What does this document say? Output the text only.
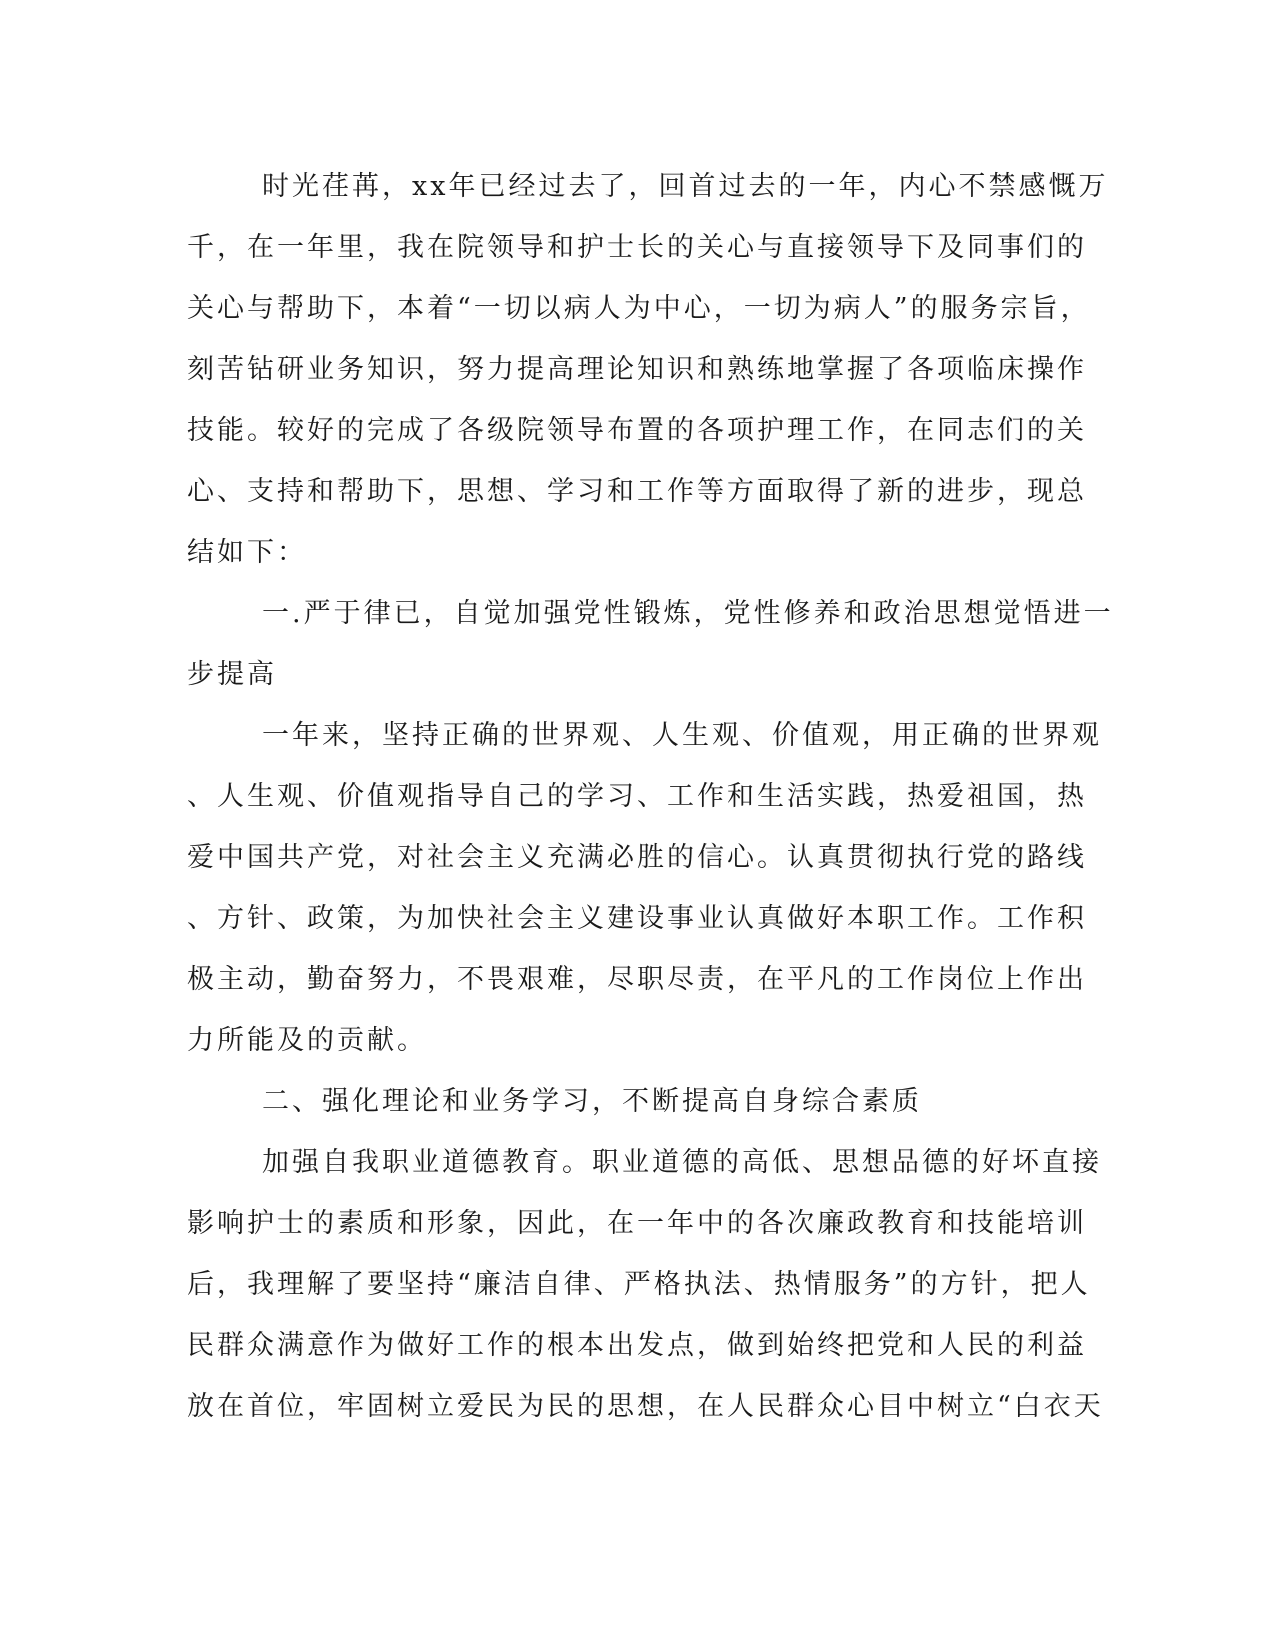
时光荏苒，xx年已经过去了，回首过去的一年，内心不禁感慨万
千，在一年里，我在院领导和护士长的关心与直接领导下及同事们的
关心与帮助下，本着“一切以病人为中心，一切为病人”的服务宗旨，
刻苦钻研业务知识，努力提高理论知识和熟练地掌握了各项临床操作
技能。较好的完成了各级院领导布置的各项护理工作，在同志们的关
心、支持和帮助下，思想、学习和工作等方面取得了新的进步，现总
结如下：
一.严于律已，自觉加强党性锻炼，党性修养和政治思想觉悟进一
步提高
一年来，坚持正确的世界观、人生观、价值观，用正确的世界观
、人生观、价值观指导自己的学习、工作和生活实践，热爱祖国，热
爱中国共产党，对社会主义充满必胜的信心。认真贯彻执行党的路线
、方针、政策，为加快社会主义建设事业认真做好本职工作。工作积
极主动，勤奋努力，不畏艰难，尽职尽责，在平凡的工作岗位上作出
力所能及的贡献。
二、强化理论和业务学习，不断提高自身综合素质
加强自我职业道德教育。职业道德的高低、思想品德的好坏直接
影响护士的素质和形象，因此，在一年中的各次廉政教育和技能培训
后，我理解了要坚持“廉洁自律、严格执法、热情服务”的方针，把人
民群众满意作为做好工作的根本出发点，做到始终把党和人民的利益
放在首位，牢固树立爱民为民的思想，在人民群众心目中树立“白衣天
